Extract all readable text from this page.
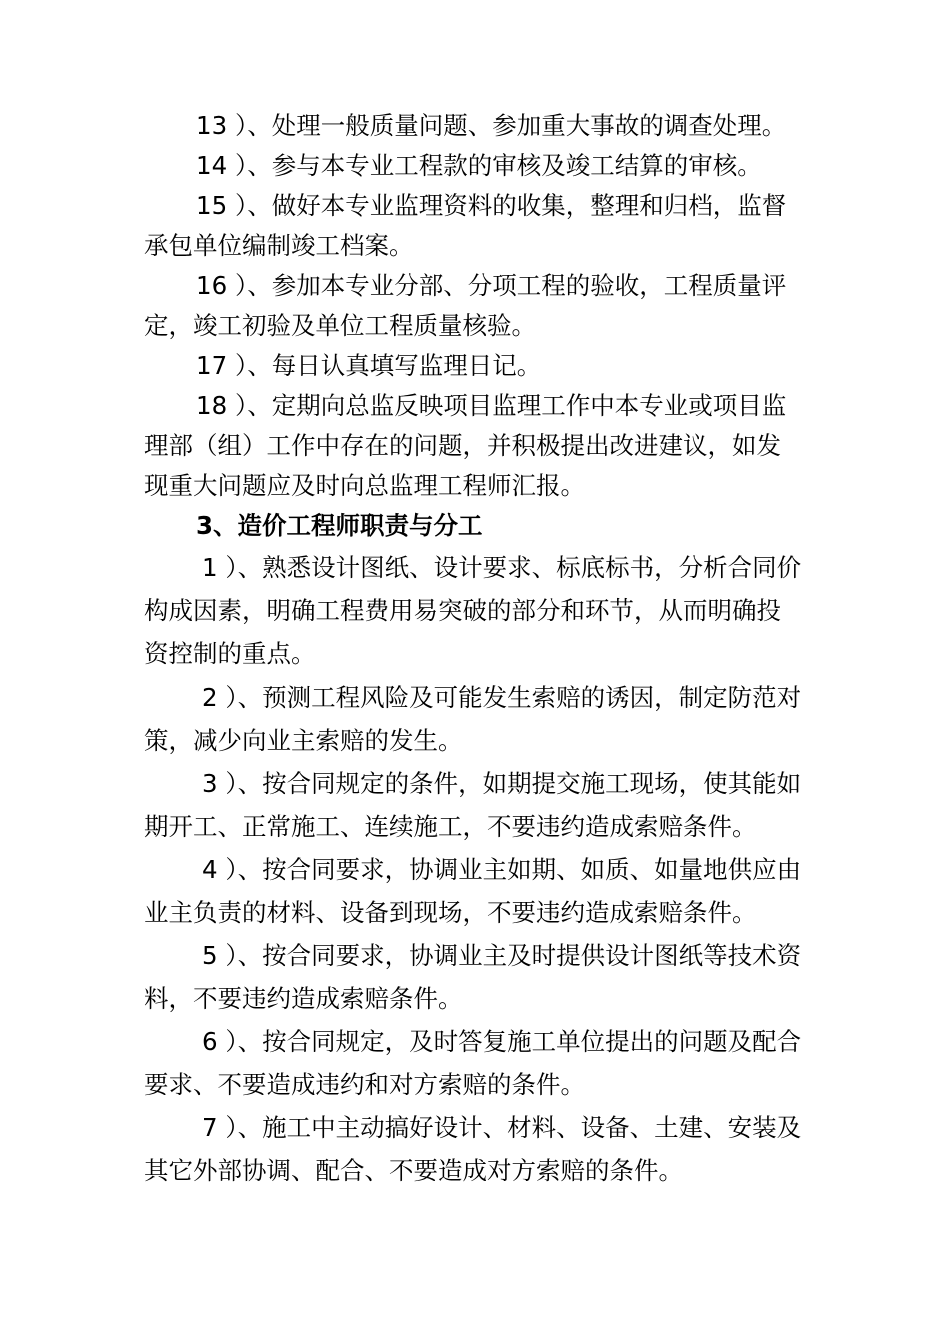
13 ）、处理一般质量问题、参加重大事故的调查处理。
14 ）、参与本专业工程款的审核及竣工结算的审核。
15 ）、做好本专业监理资料的收集，整理和归档，监督
承包单位编制竣工档案。
16 ）、参加本专业分部、分项工程的验收，工程质量评
定，竣工初验及单位工程质量核验。
17 ）、每日认真填写监理日记。
18 ）、定期向总监反映项目监理工作中本专业或项目监
理部（组）工作中存在的问题，并积极提出改进建议，如发
现重大问题应及时向总监理工程师汇报。
3、造价工程师职责与分工
1 ）、熟悉设计图纸、设计要求、标底标书，分析合同价
构成因素，明确工程费用易突破的部分和环节，从而明确投
资控制的重点。
2 ）、预测工程风险及可能发生索赔的诱因，制定防范对
策，减少向业主索赔的发生。
3 ）、按合同规定的条件，如期提交施工现场，使其能如
期开工、正常施工、连续施工，不要违约造成索赔条件。
4 ）、按合同要求，协调业主如期、如质、如量地供应由
业主负责的材料、设备到现场，不要违约造成索赔条件。
5 ）、按合同要求，协调业主及时提供设计图纸等技术资
料，不要违约造成索赔条件。
6 ）、按合同规定，及时答复施工单位提出的问题及配合
要求、不要造成违约和对方索赔的条件。
7 ）、施工中主动搞好设计、材料、设备、土建、安装及
其它外部协调、配合、不要造成对方索赔的条件。
